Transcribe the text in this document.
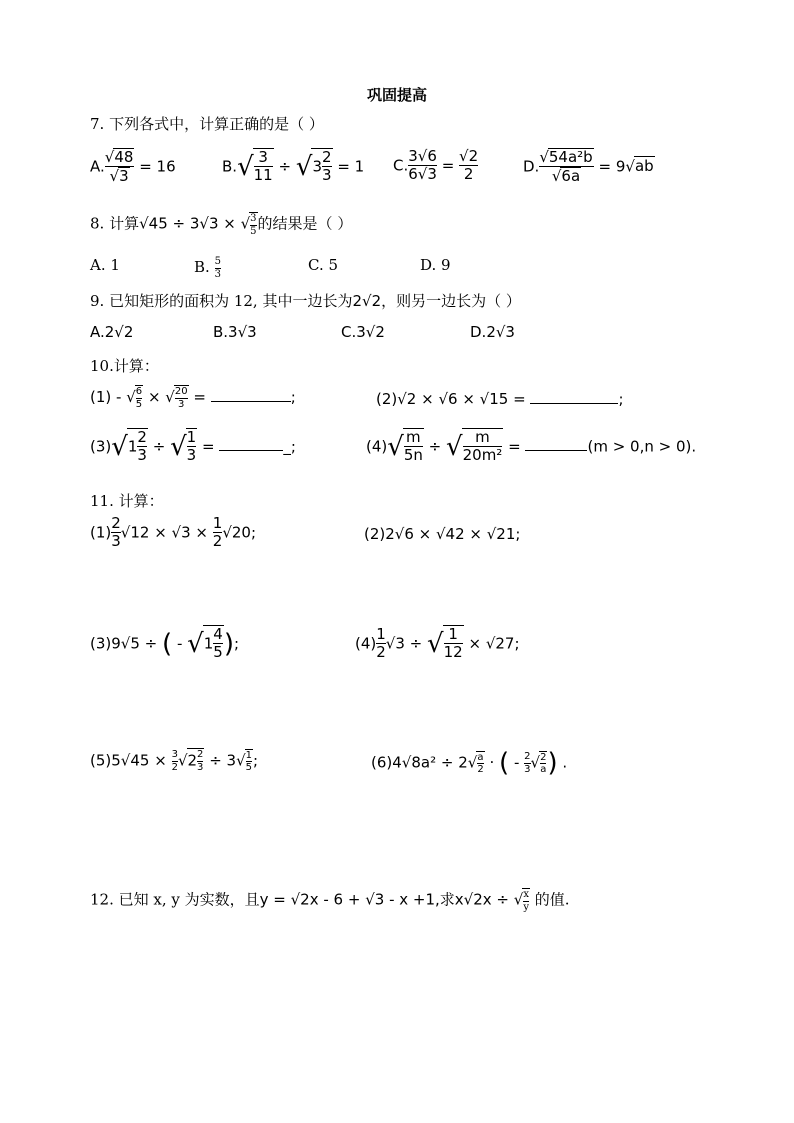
巩固提高
7. 下列各式中，计算正确的是（ ）
A. $\frac{√48}{√3} = 16$	$B.√ \frac{3}{11} \div √3 \frac{2}{3} = 1$ C. $\frac{3√6}{6√3} = \frac{√2}{2}$	D. $\frac{\text{√54a²b}}{√6a} = 9√ab$
8. 计算√45 ÷ 3√3 × √ $\frac{3}{5}$ 的结果是（ ）
A. 1	B. $\frac{5}{3}$	C. 5	D. 9
9. 已知矩形的面积为 12, 其中一边长为2√2，则另一边长为（ ）
A.2√2	B.3√3	C.3√2	D.2√3
10.计算：
(1) - √ $\frac{6}{5}$ × √ $\frac{20}{3}$ =	;	(2)√2 × √6 × √15 =	;
$(3)√1 \frac{2}{3}$ ÷ √ $\frac{1}{3}$ =	_;	$(4)√ \frac{m}{5n}$ ÷ √ $\frac{m}{\text{20m²}}$ =	(m > 0,n > 0).
11. 计算：
$(1) \frac{2}{3} √12 \times √3 \times \frac{1}{2} √20$;	(2)2√6 × √42 × √21;
(3)9√5 ÷ ( - $√1 \frac{4}{5}$ );	$(4) \frac{1}{2} √3$ ÷ √ $\frac{1}{12} \times √27$;
$(5)5√45 \times \frac{3}{2} √2 \frac{2}{3} \div 3√ \frac{1}{5}$ ;	$(6)4√8a^2 \div 2√ \frac{a}{2}$ · ( - $\frac{2}{3}$ √ $\frac{2}{a}$ ) .
12. 已知 x, y 为实数，且y = √2x - 6 + √3 - x +1,求x√2x ÷ √ $\frac{x}{y}$ 的值.
